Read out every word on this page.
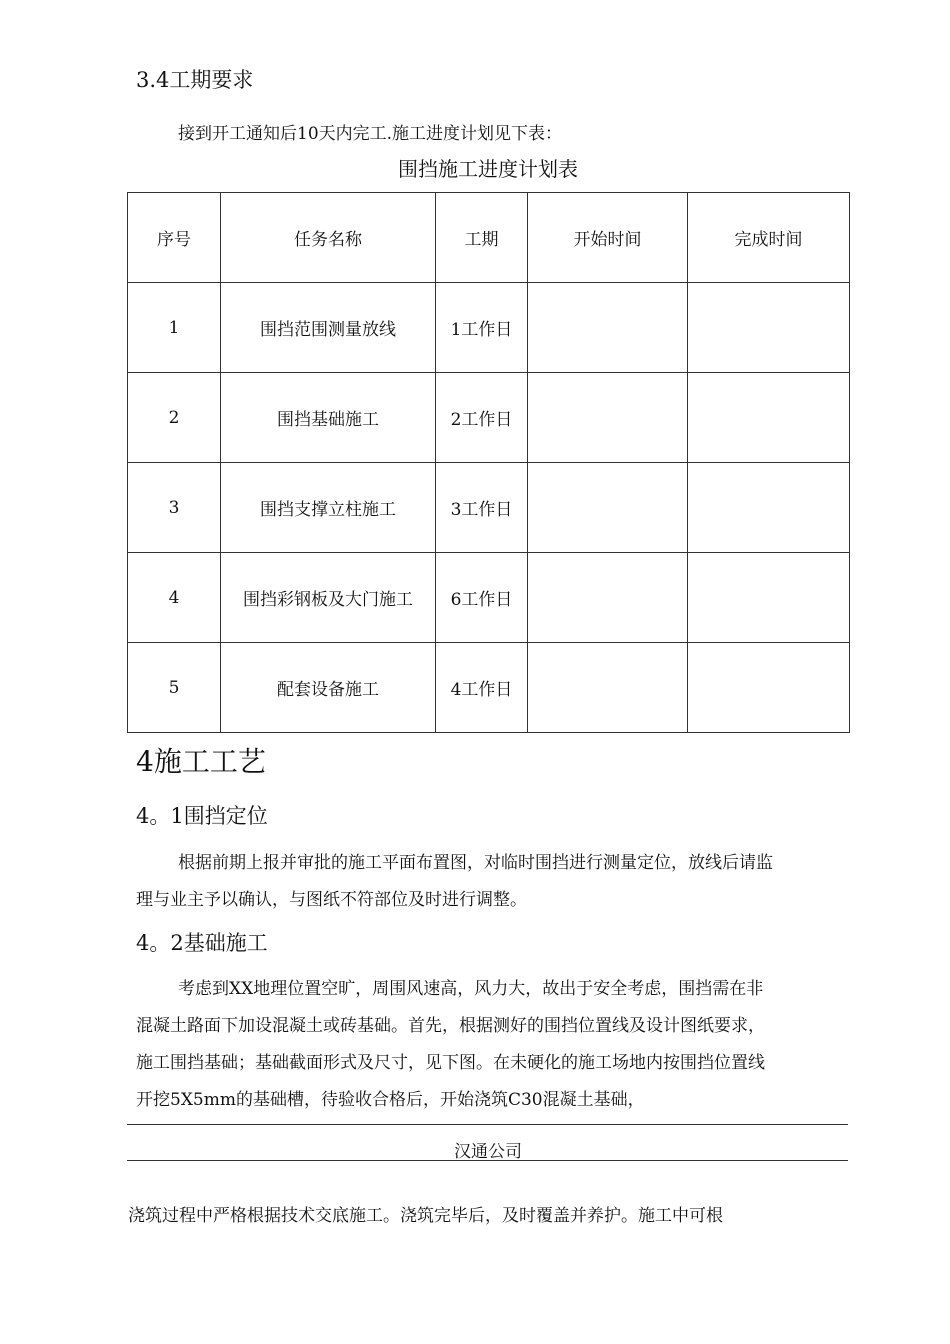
3.4工期要求
接到开工通知后10天内完工.施工进度计划见下表：
围挡施工进度计划表
序号	任务名称	工期	开始时间	完成时间
1	围挡范围测量放线	1工作日		
2	围挡基础施工	2工作日		
3	围挡支撑立柱施工	3工作日		
4	围挡彩钢板及大门施工	6工作日		
5	配套设备施工	4工作日		
4施工工艺
4。1围挡定位
根据前期上报并审批的施工平面布置图，对临时围挡进行测量定位，放线后请监
理与业主予以确认，与图纸不符部位及时进行调整。
4。2基础施工
考虑到XX地理位置空旷，周围风速高，风力大，故出于安全考虑，围挡需在非
混凝土路面下加设混凝土或砖基础。首先，根据测好的围挡位置线及设计图纸要求，
施工围挡基础；基础截面形式及尺寸，见下图。在未硬化的施工场地内按围挡位置线
开挖5X5mm的基础槽，待验收合格后，开始浇筑C30混凝土基础，
汉通公司
浇筑过程中严格根据技术交底施工。浇筑完毕后，及时覆盖并养护。施工中可根
